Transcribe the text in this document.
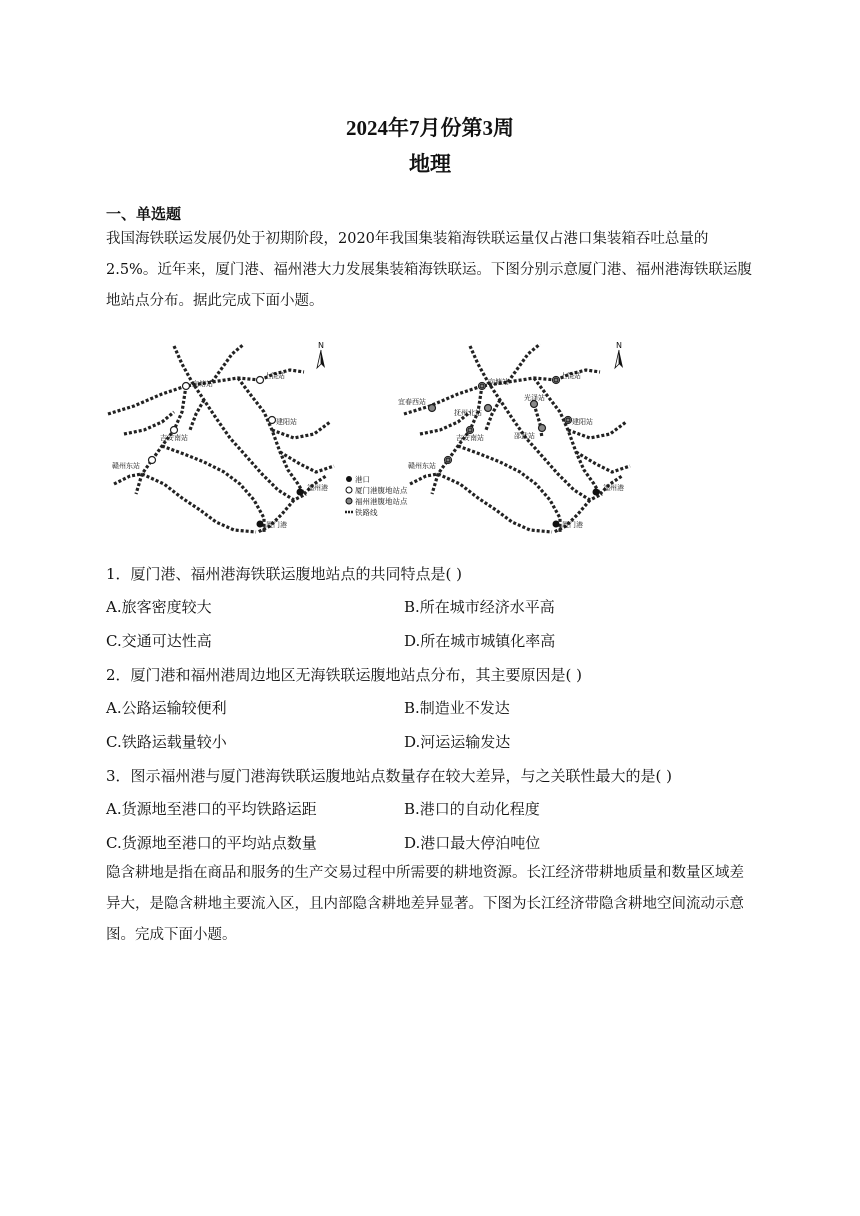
2024年7月份第3周
地理
一、单选题
我国海铁联运发展仍处于初期阶段，2020年我国集装箱海铁联运量仅占港口集装箱吞吐总量的2.5%。近年来，厦门港、福州港大力发展集装箱海铁联运。下图分别示意厦门港、福州港海铁联运腹地站点分布。据此完成下面小题。
向塘站
上饶站
建阳站
吉安南站
赣州东站
福州港
厦门港
N
港口
厦门港腹地站点
福州港腹地站点
铁路线
向塘站
上饶站
宜春西站
抚州北站
光泽站
建阳站
邵武站
吉安南站
赣州东站
福州港
厦门港
N
1．厦门港、福州港海铁联运腹地站点的共同特点是( )
A.旅客密度较大	B.所在城市经济水平高
C.交通可达性高	D.所在城市城镇化率高
2．厦门港和福州港周边地区无海铁联运腹地站点分布，其主要原因是( )
A.公路运输较便利	B.制造业不发达
C.铁路运载量较小	D.河运运输发达
3．图示福州港与厦门港海铁联运腹地站点数量存在较大差异，与之关联性最大的是( )
A.货源地至港口的平均铁路运距	B.港口的自动化程度
C.货源地至港口的平均站点数量	D.港口最大停泊吨位
隐含耕地是指在商品和服务的生产交易过程中所需要的耕地资源。长江经济带耕地质量和数量区域差异大，是隐含耕地主要流入区，且内部隐含耕地差异显著。下图为长江经济带隐含耕地空间流动示意图。完成下面小题。
